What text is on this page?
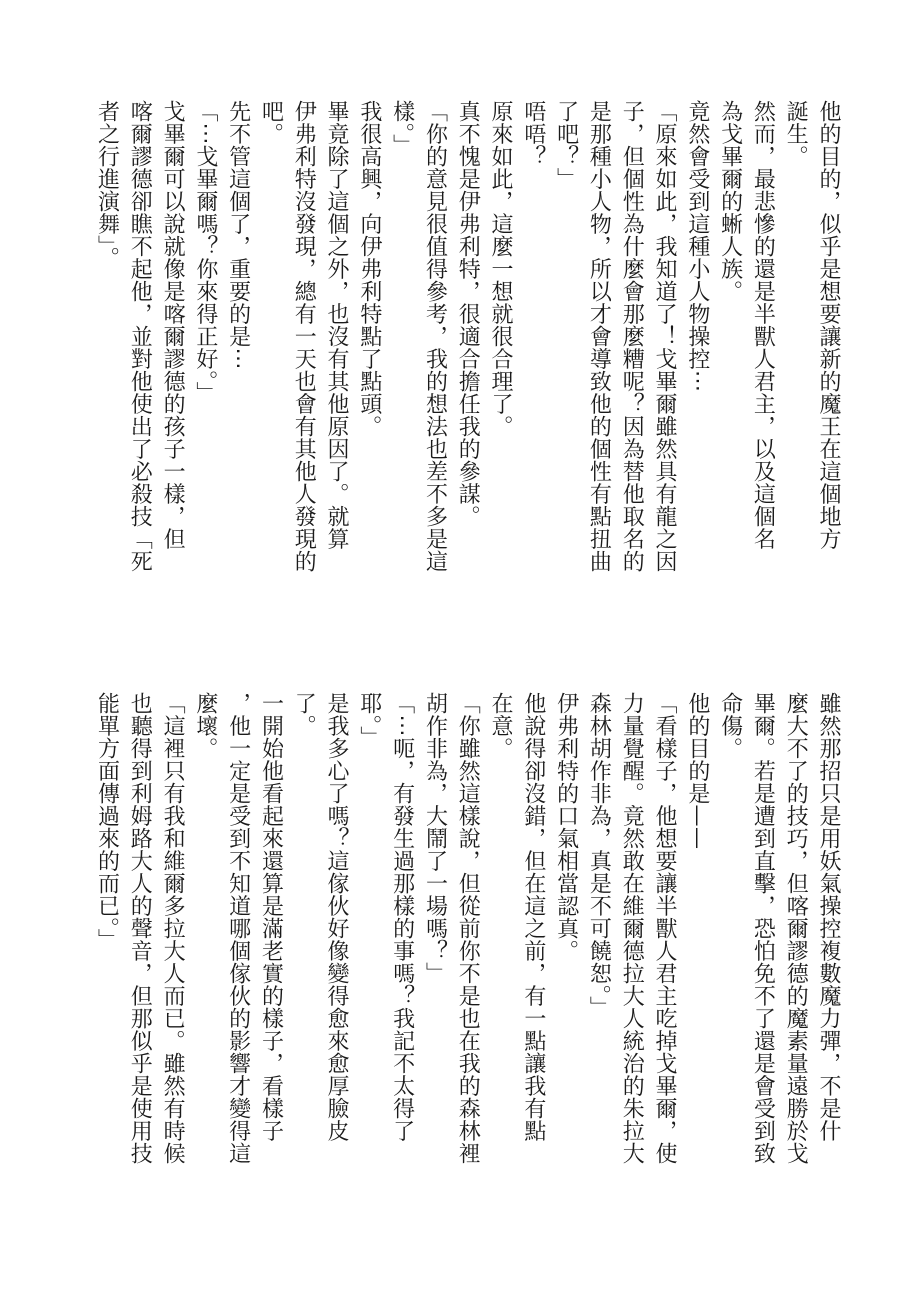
他的目的，似乎是想要讓新的魔王在這個地方
誕生。
然而，最悲慘的還是半獸人君主，以及這個名
為戈畢爾的蜥人族。
竟然會受到這種小人物操控⋯
「原來如此，我知道了！戈畢爾雖然具有龍之因
子，但個性為什麼會那麼糟呢？因為替他取名的
是那種小人物，所以才會導致他的個性有點扭曲
了吧？」
唔唔？
原來如此，這麼一想就很合理了。
真不愧是伊弗利特，很適合擔任我的參謀。
「你的意見很值得參考，我的想法也差不多是這
樣。」
我很高興，向伊弗利特點了點頭。
畢竟除了這個之外，也沒有其他原因了。就算
伊弗利特沒發現，總有一天也會有其他人發現的
吧。
先不管這個了，重要的是⋯
「⋯戈畢爾嗎？你來得正好。」
戈畢爾可以說就像是喀爾謬德的孩子一樣，但
喀爾謬德卻瞧不起他，並對他使出了必殺技「死
者之行進演舞」。
雖然那招只是用妖氣操控複數魔力彈，不是什
麼大不了的技巧，但喀爾謬德的魔素量遠勝於戈
畢爾。若是遭到直擊，恐怕免不了還是會受到致
命傷。
他的目的是——
「看樣子，他想要讓半獸人君主吃掉戈畢爾，使
力量覺醒。竟然敢在維爾德拉大人統治的朱拉大
森林胡作非為，真是不可饒恕。」
伊弗利特的口氣相當認真。
他說得卻沒錯，但在這之前，有一點讓我有點
在意。
「你雖然這樣說，但從前你不是也在我的森林裡
胡作非為，大鬧了一場嗎？」
「⋯呃，有發生過那樣的事嗎？我記不太得了
耶。」
是我多心了嗎？這傢伙好像變得愈來愈厚臉皮
了。
一開始他看起來還算是滿老實的樣子，看樣子
，他一定是受到不知道哪個傢伙的影響才變得這
麼壞。
「這裡只有我和維爾多拉大人而已。雖然有時候
也聽得到利姆路大人的聲音，但那似乎是使用技
能單方面傳過來的而已。」
